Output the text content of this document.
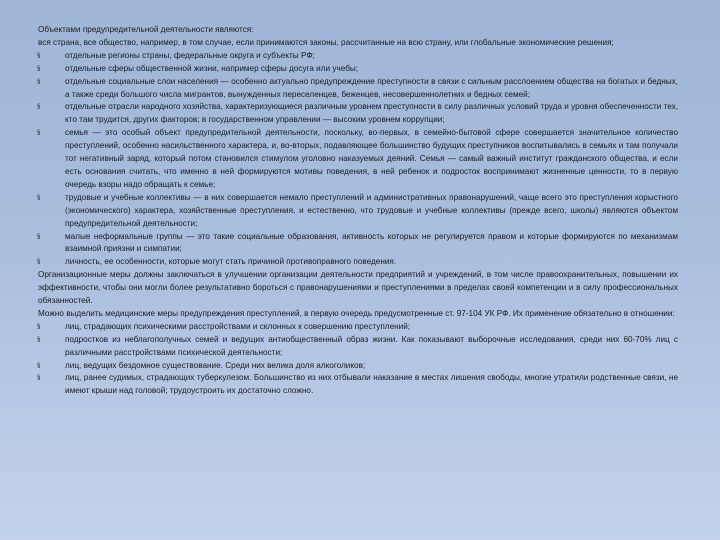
Объектами предупредительной деятельности являются:
вся страна, все общество, например, в том случае, если принимаются законы, рассчитанные на всю страну, или глобальные экономические решения;
§	отдельные регионы страны, федеральные округа и субъекты РФ;
§	отдельные сферы общественной жизни, например сферы досуга или учебы;
§	отдельные социальные слои населения — особенно актуально предупреждение преступности в связи с сильным расслоением общества на богатых и бедных, а также среди большого числа мигрантов, вынужденных переселенцев, беженцев, несовершеннолетних и бедных семей;
§	отдельные отрасли народного хозяйства, характеризующиеся различным уровнем преступности в силу различных условий труда и уровня обеспеченности тех, кто там трудится, других факторов; в государственном управлении — высоким уровнем коррупции;
§	семья — это особый объект предупредительной деятельности, поскольку, во-первых, в семейно-бытовой сфере совершается значительное количество преступлений, особенно насильственного характера, и, во-вторых, подавляющее большинство будущих преступников воспитывались в семьях и там получали тот негативный заряд, который потом становился стимулом уголовно наказуемых деяний. Семья — самый важный институт гражданского общества, и если есть основания считать, что именно в ней формируются мотивы поведения, в ней ребенок и подросток воспринимают жизненные ценности, то в первую очередь взоры надо обращать к семье;
§	трудовые и учебные коллективы — в них совершается немало преступлений и административных правонарушений, чаще всего это преступления корыстного (экономического) характера, хозяйственные преступления, и естественно, что трудовые и учебные коллективы (прежде всего, школы) являются объектом предупредительной деятельности;
§	малые неформальные группы — это такие социальные образования, активность которых не регулируется правом и которые формируются по механизмам взаимной приязни и симпатии;
§	личность, ее особенности, которые могут стать причиной противоправного поведения.
Организационные меры должны заключаться в улучшении организации деятельности предприятий и учреждений, в том числе правоохранительных, повышении их эффективности, чтобы они могли более результативно бороться с правонарушениями и преступлениями в пределах своей компетенции и в силу профессиональных обязанностей.
Можно выделить медицинские меры предупреждения преступлений, в первую очередь предусмотренные ст. 97-104 УК РФ. Их применение обязательно в отношении:
§	лиц, страдающих психическими расстройствами и склонных к совершению преступлений;
§	подростков из неблагополучных семей и ведущих антиобщественный образ жизни. Как показывают выборочные исследования, среди них 60-70% лиц с различными расстройствами психической деятельности;
§	лиц, ведущих бездомное существование. Среди них велика доля алкоголиков;
§	лиц, ранее судимых, страдающих туберкулезом. Большинство из них отбывали наказание в местах лишения свободы, многие утратили родственные связи, не имеют крыши над головой; трудоустроить их достаточно сложно.
